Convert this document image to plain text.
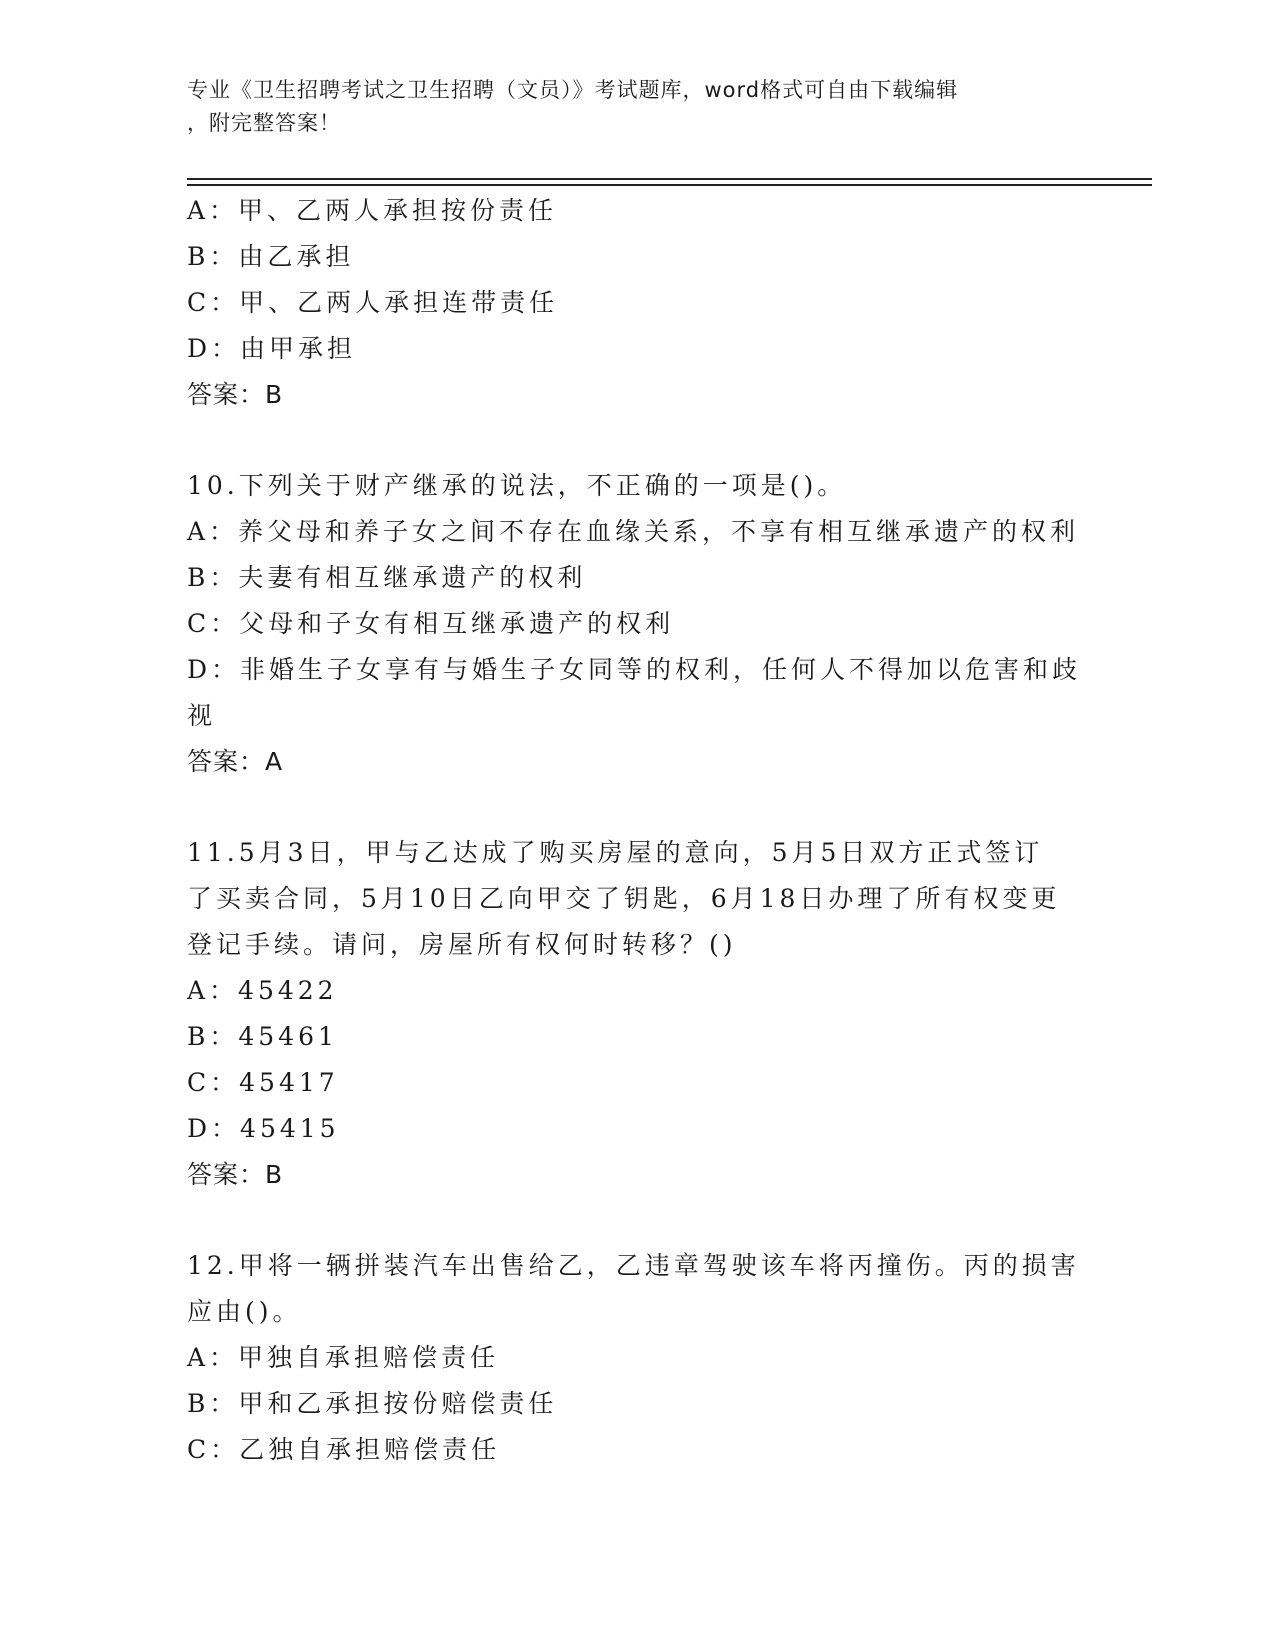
专业《卫生招聘考试之卫生招聘（文员）》考试题库，word格式可自由下载编辑
，附完整答案！
A：甲、乙两人承担按份责任
B：由乙承担
C：甲、乙两人承担连带责任
D：由甲承担
答案：B
10.下列关于财产继承的说法，不正确的一项是()。
A：养父母和养子女之间不存在血缘关系，不享有相互继承遗产的权利
B：夫妻有相互继承遗产的权利
C：父母和子女有相互继承遗产的权利
D：非婚生子女享有与婚生子女同等的权利，任何人不得加以危害和歧
视
答案：A
11.5月3日，甲与乙达成了购买房屋的意向，5月5日双方正式签订
了买卖合同，5月10日乙向甲交了钥匙，6月18日办理了所有权变更
登记手续。请问，房屋所有权何时转移？()
A：45422
B：45461
C：45417
D：45415
答案：B
12.甲将一辆拼装汽车出售给乙，乙违章驾驶该车将丙撞伤。丙的损害
应由()。
A：甲独自承担赔偿责任
B：甲和乙承担按份赔偿责任
C：乙独自承担赔偿责任
